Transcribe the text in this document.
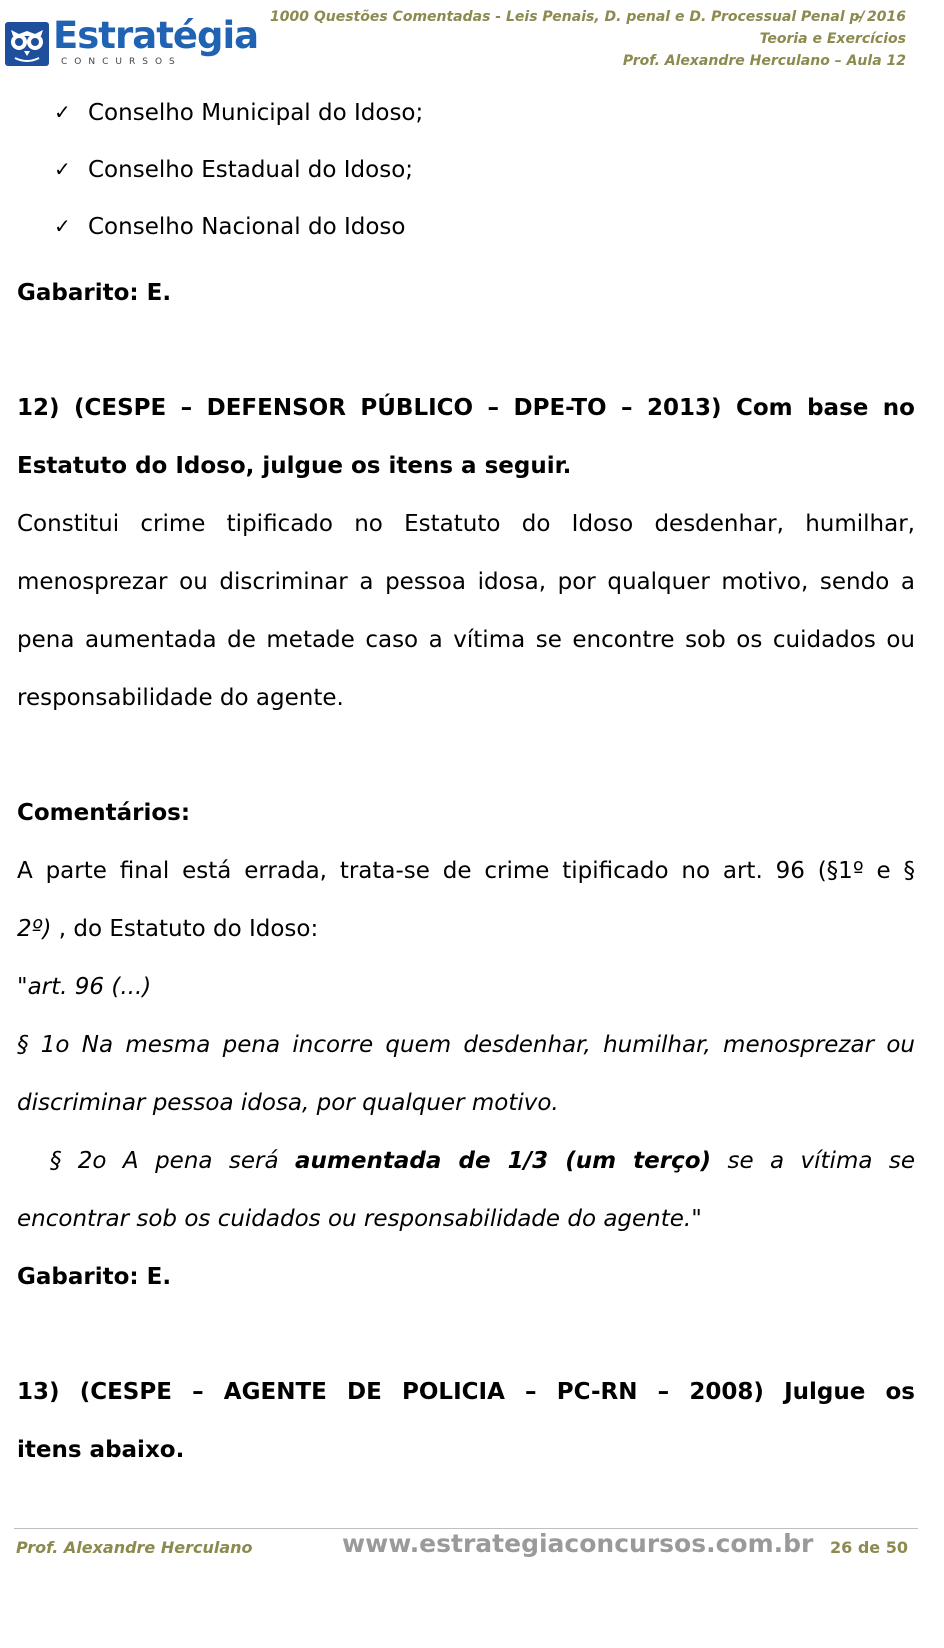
Estratégia
CONCURSOS
1000 Questões Comentadas - Leis Penais, D. penal e D. Processual Penal p/
– 2016
Teoria e Exercícios
Prof. Alexandre Herculano – Aula 12
✓ Conselho Municipal do Idoso;
✓ Conselho Estadual do Idoso;
✓ Conselho Nacional do Idoso
Gabarito: E.
12) (CESPE – DEFENSOR PÚBLICO – DPE-TO – 2013) Com base no
Estatuto do Idoso, julgue os itens a seguir.
Constitui crime tipificado no Estatuto do Idoso desdenhar, humilhar,
menosprezar ou discriminar a pessoa idosa, por qualquer motivo, sendo a
pena aumentada de metade caso a vítima se encontre sob os cuidados ou
responsabilidade do agente.
Comentários:
A parte final está errada, trata-se de crime tipificado no art. 96 (§1º e §
2º) , do Estatuto do Idoso:
"art. 96 (...)
§ 1o Na mesma pena incorre quem desdenhar, humilhar, menosprezar ou
discriminar pessoa idosa, por qualquer motivo.
§ 2o A pena será aumentada de 1/3 (um terço) se a vítima se
encontrar sob os cuidados ou responsabilidade do agente."
Gabarito: E.
13) (CESPE – AGENTE DE POLICIA – PC-RN – 2008) Julgue os
itens abaixo.
Prof. Alexandre Herculano	www.estrategiaconcursos.com.br 26 de 50
